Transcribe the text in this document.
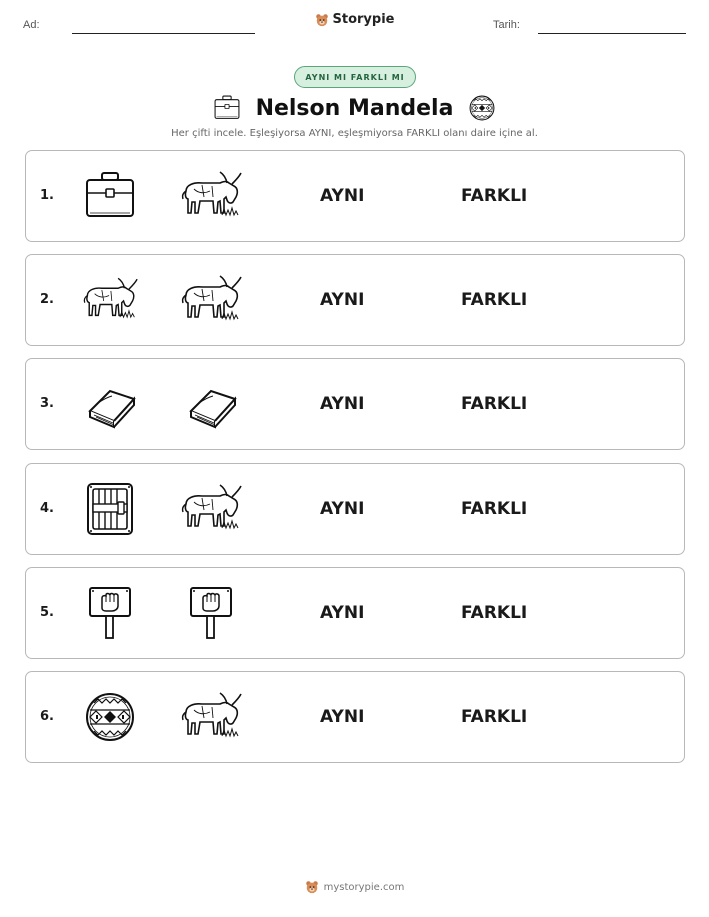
Ad:	Storypie	Tarih:
AYNI MI FARKLI MI
Nelson Mandela
Her çifti incele. Eşleşiyorsa AYNI, eşleşmiyorsa FARKLI olanı daire içine al.
1.	AYNI	FARKLI
2.	AYNI	FARKLI
3.	AYNI	FARKLI
4.	AYNI	FARKLI
5.	AYNI	FARKLI
6.	AYNI	FARKLI
mystorypie.com
